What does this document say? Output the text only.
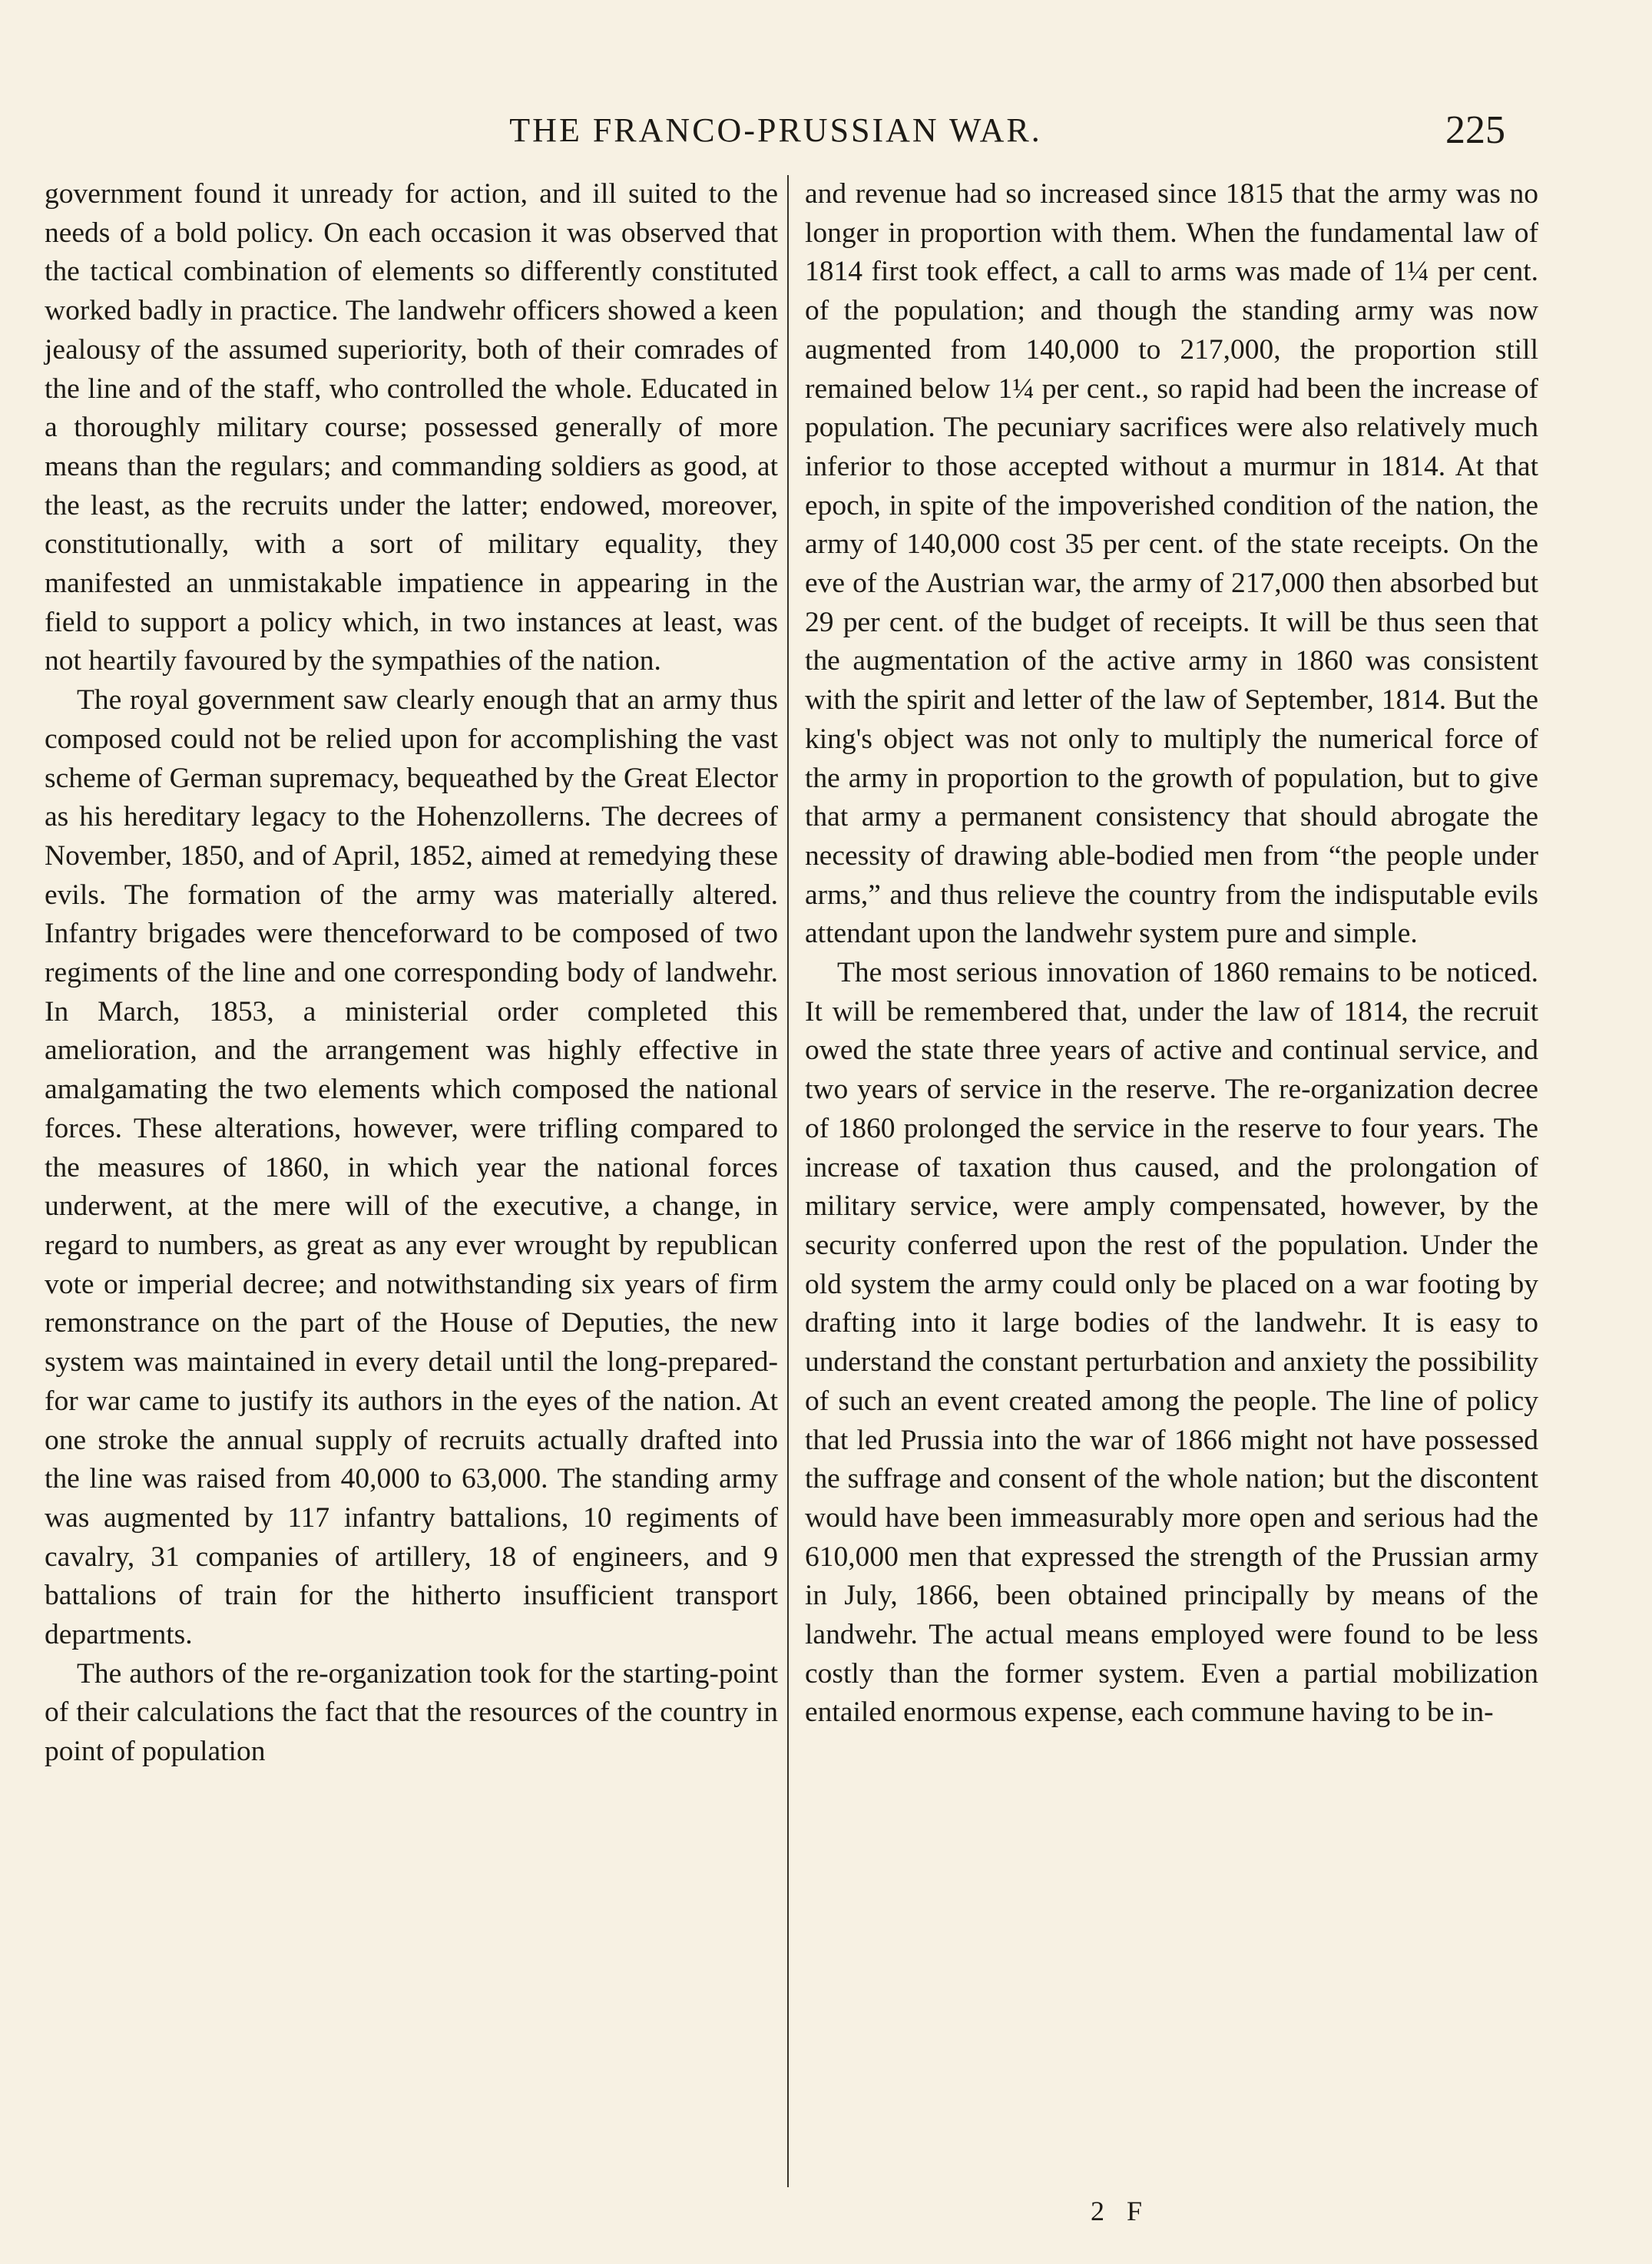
THE FRANCO-PRUSSIAN WAR.	225

government found it unready for action, and ill suited to the needs of a bold policy. On each occasion it was observed that the tactical combination of elements so differently constituted worked badly in practice. The landwehr officers showed a keen jealousy of the assumed superiority, both of their comrades of the line and of the staff, who controlled the whole. Educated in a thoroughly military course; possessed generally of more means than the regulars; and commanding soldiers as good, at the least, as the recruits under the latter; endowed, moreover, constitutionally, with a sort of military equality, they manifested an unmistakable impatience in appearing in the field to support a policy which, in two instances at least, was not heartily favoured by the sympathies of the nation.

The royal government saw clearly enough that an army thus composed could not be relied upon for accomplishing the vast scheme of German supremacy, bequeathed by the Great Elector as his hereditary legacy to the Hohenzollerns. The decrees of November, 1850, and of April, 1852, aimed at remedying these evils. The formation of the army was materially altered. Infantry brigades were thenceforward to be composed of two regiments of the line and one corresponding body of landwehr. In March, 1853, a ministerial order completed this amelioration, and the arrangement was highly effective in amalgamating the two elements which composed the national forces. These alterations, however, were trifling compared to the measures of 1860, in which year the national forces underwent, at the mere will of the executive, a change, in regard to numbers, as great as any ever wrought by republican vote or imperial decree; and notwithstanding six years of firm remonstrance on the part of the House of Deputies, the new system was maintained in every detail until the long-prepared-for war came to justify its authors in the eyes of the nation. At one stroke the annual supply of recruits actually drafted into the line was raised from 40,000 to 63,000. The standing army was augmented by 117 infantry battalions, 10 regiments of cavalry, 31 companies of artillery, 18 of engineers, and 9 battalions of train for the hitherto insufficient transport departments.

The authors of the re-organization took for the starting-point of their calculations the fact that the resources of the country in point of population

and revenue had so increased since 1815 that the army was no longer in proportion with them. When the fundamental law of 1814 first took effect, a call to arms was made of 1¼ per cent. of the population; and though the standing army was now augmented from 140,000 to 217,000, the proportion still remained below 1¼ per cent., so rapid had been the increase of population. The pecuniary sacrifices were also relatively much inferior to those accepted without a murmur in 1814. At that epoch, in spite of the impoverished condition of the nation, the army of 140,000 cost 35 per cent. of the state receipts. On the eve of the Austrian war, the army of 217,000 then absorbed but 29 per cent. of the budget of receipts. It will be thus seen that the augmentation of the active army in 1860 was consistent with the spirit and letter of the law of September, 1814. But the king's object was not only to multiply the numerical force of the army in proportion to the growth of population, but to give that army a permanent consistency that should abrogate the necessity of drawing able-bodied men from “the people under arms,” and thus relieve the country from the indisputable evils attendant upon the landwehr system pure and simple.

The most serious innovation of 1860 remains to be noticed. It will be remembered that, under the law of 1814, the recruit owed the state three years of active and continual service, and two years of service in the reserve. The re-organization decree of 1860 prolonged the service in the reserve to four years. The increase of taxation thus caused, and the prolongation of military service, were amply compensated, however, by the security conferred upon the rest of the population. Under the old system the army could only be placed on a war footing by drafting into it large bodies of the landwehr. It is easy to understand the constant perturbation and anxiety the possibility of such an event created among the people. The line of policy that led Prussia into the war of 1866 might not have possessed the suffrage and consent of the whole nation; but the discontent would have been immeasurably more open and serious had the 610,000 men that expressed the strength of the Prussian army in July, 1866, been obtained principally by means of the landwehr. The actual means employed were found to be less costly than the former system. Even a partial mobilization entailed enormous expense, each commune having to be in-

2 F
